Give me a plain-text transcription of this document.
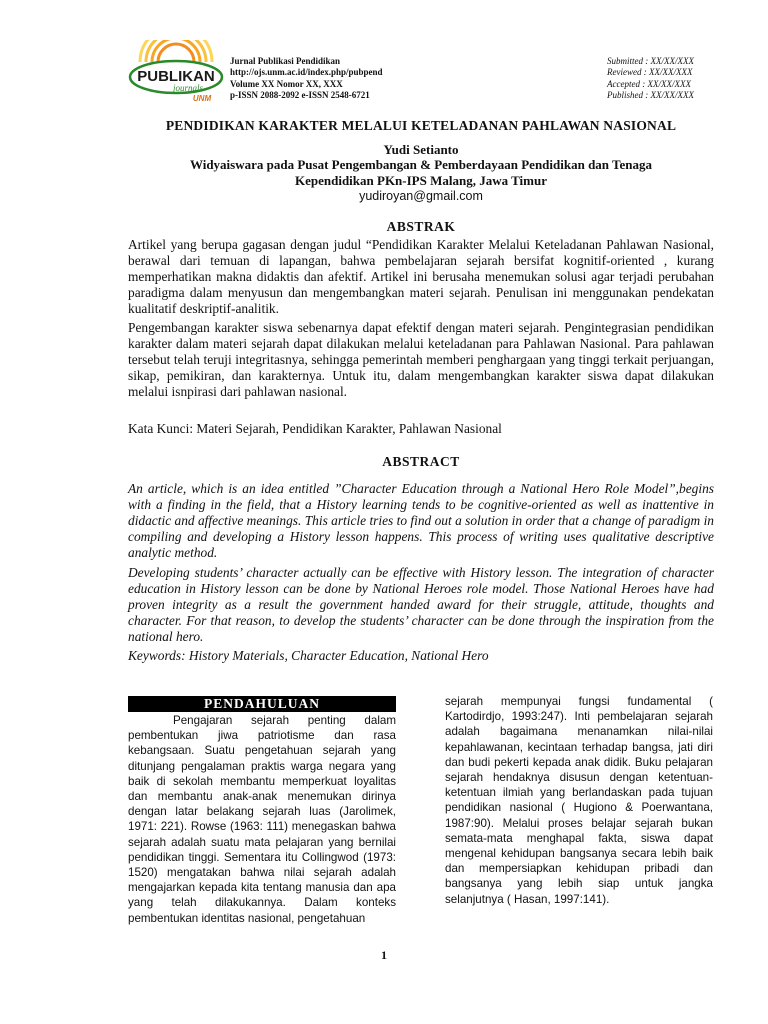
PUBLIKAN
journals
UNM
Jurnal Publikasi Pendidikan
http://ojs.unm.ac.id/index.php/pubpend
Volume XX Nomor XX, XXX
p-ISSN 2088-2092 e-ISSN 2548-6721
Submitted : XX/XX/XXX
Reviewed : XX/XX/XXX
Accepted : XX/XX/XXX
Published : XX/XX/XXX
PENDIDIKAN KARAKTER MELALUI KETELADANAN PAHLAWAN NASIONAL
Yudi Setianto
Widyaiswara pada Pusat Pengembangan & Pemberdayaan Pendidikan dan Tenaga
Kependidikan PKn-IPS Malang, Jawa Timur
yudiroyan@gmail.com
ABSTRAK

Artikel yang berupa gagasan dengan judul “Pendidikan Karakter Melalui Keteladanan Pahlawan Nasional, berawal dari temuan di lapangan, bahwa pembelajaran sejarah bersifat kognitif-oriented , kurang memperhatikan makna didaktis dan afektif. Artikel ini berusaha menemukan solusi agar terjadi perubahan paradigma dalam menyusun dan mengembangkan materi sejarah. Penulisan ini menggunakan pendekatan kualitatif deskriptif-analitik.

Pengembangan karakter siswa sebenarnya dapat efektif dengan materi sejarah. Pengintegrasian pendidikan karakter dalam materi sejarah dapat dilakukan melalui keteladanan para Pahlawan Nasional. Para pahlawan tersebut telah teruji integritasnya, sehingga pemerintah memberi penghargaan yang tinggi terkait perjuangan, sikap, pemikiran, dan karakternya. Untuk itu, dalam mengembangkan karakter siswa dapat dilakukan melalui isnpirasi dari pahlawan nasional.

Kata Kunci: Materi Sejarah, Pendidikan Karakter, Pahlawan Nasional

ABSTRACT

An article, which is an idea entitled ”Character Education through a National Hero Role Model”,begins with a finding in the field, that a History learning tends to be cognitive-oriented as well as inattentive in didactic and affective meanings. This article tries to find out a solution in order that a change of paradigm in compiling and developing a History lesson happens. This process of writing uses qualitative descriptive analytic method.

Developing students’ character actually can be effective with History lesson. The integration of character education in History lesson can be done by National Heroes role model. Those National Heroes have had proven integrity as a result the government handed award for their struggle, attitude, thoughts and character. For that reason, to develop the students’ character can be done through the inspiration from the national hero.

Keywords: History Materials, Character Education, National Hero

PENDAHULUAN

Pengajaran sejarah penting dalam pembentukan jiwa patriotisme dan rasa kebangsaan. Suatu pengetahuan sejarah yang ditunjang pengalaman praktis warga negara yang baik di sekolah membantu memperkuat loyalitas dan membantu anak-anak menemukan dirinya dengan latar belakang sejarah luas (Jarolimek, 1971: 221). Rowse (1963: 111) menegaskan bahwa sejarah adalah suatu mata pelajaran yang bernilai pendidikan tinggi. Sementara itu Collingwod (1973: 1520) mengatakan bahwa nilai sejarah adalah mengajarkan kepada kita tentang manusia dan apa yang telah dilakukannya. Dalam konteks pembentukan identitas nasional, pengetahuan

sejarah mempunyai fungsi fundamental ( Kartodirdjo, 1993:247). Inti pembelajaran sejarah adalah bagaimana menanamkan nilai-nilai kepahlawanan, kecintaan terhadap bangsa, jati diri dan budi pekerti kepada anak didik. Buku pelajaran sejarah hendaknya disusun dengan ketentuan-ketentuan ilmiah yang berlandaskan pada tujuan pendidikan nasional ( Hugiono & Poerwantana, 1987:90). Melalui proses belajar sejarah bukan semata-mata menghapal fakta, siswa dapat mengenal kehidupan bangsanya secara lebih baik dan mempersiapkan kehidupan pribadi dan bangsanya yang lebih siap untuk jangka selanjutnya ( Hasan, 1997:141).

1
